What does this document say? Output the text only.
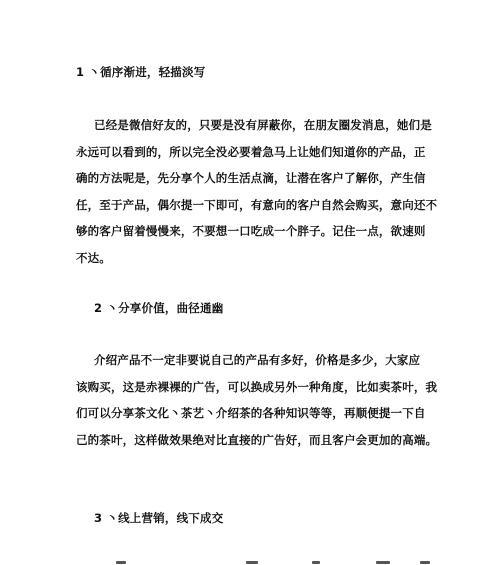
1 丶循序渐进，轻描淡写
已经是微信好友的，只要是没有屏蔽你，在朋友圈发消息，她们是
永远可以看到的，所以完全没必要着急马上让她们知道你的产品，正
确的方法呢是，先分享个人的生活点滴，让潜在客户了解你，产生信
任，至于产品，偶尔提一下即可，有意向的客户自然会购买，意向还不
够的客户留着慢慢来，不要想一口吃成一个胖子。记住一点，欲速则
不达。
2 丶分享价值，曲径通幽
介绍产品不一定非要说自己的产品有多好，价格是多少，大家应
该购买，这是赤裸裸的广告，可以换成另外一种角度，比如卖茶叶，我
们可以分享茶文化丶茶艺丶介绍茶的各种知识等等，再顺便提一下自
己的茶叶，这样做效果绝对比直接的广告好，而且客户会更加的高端。
3 丶线上营销，线下成交
